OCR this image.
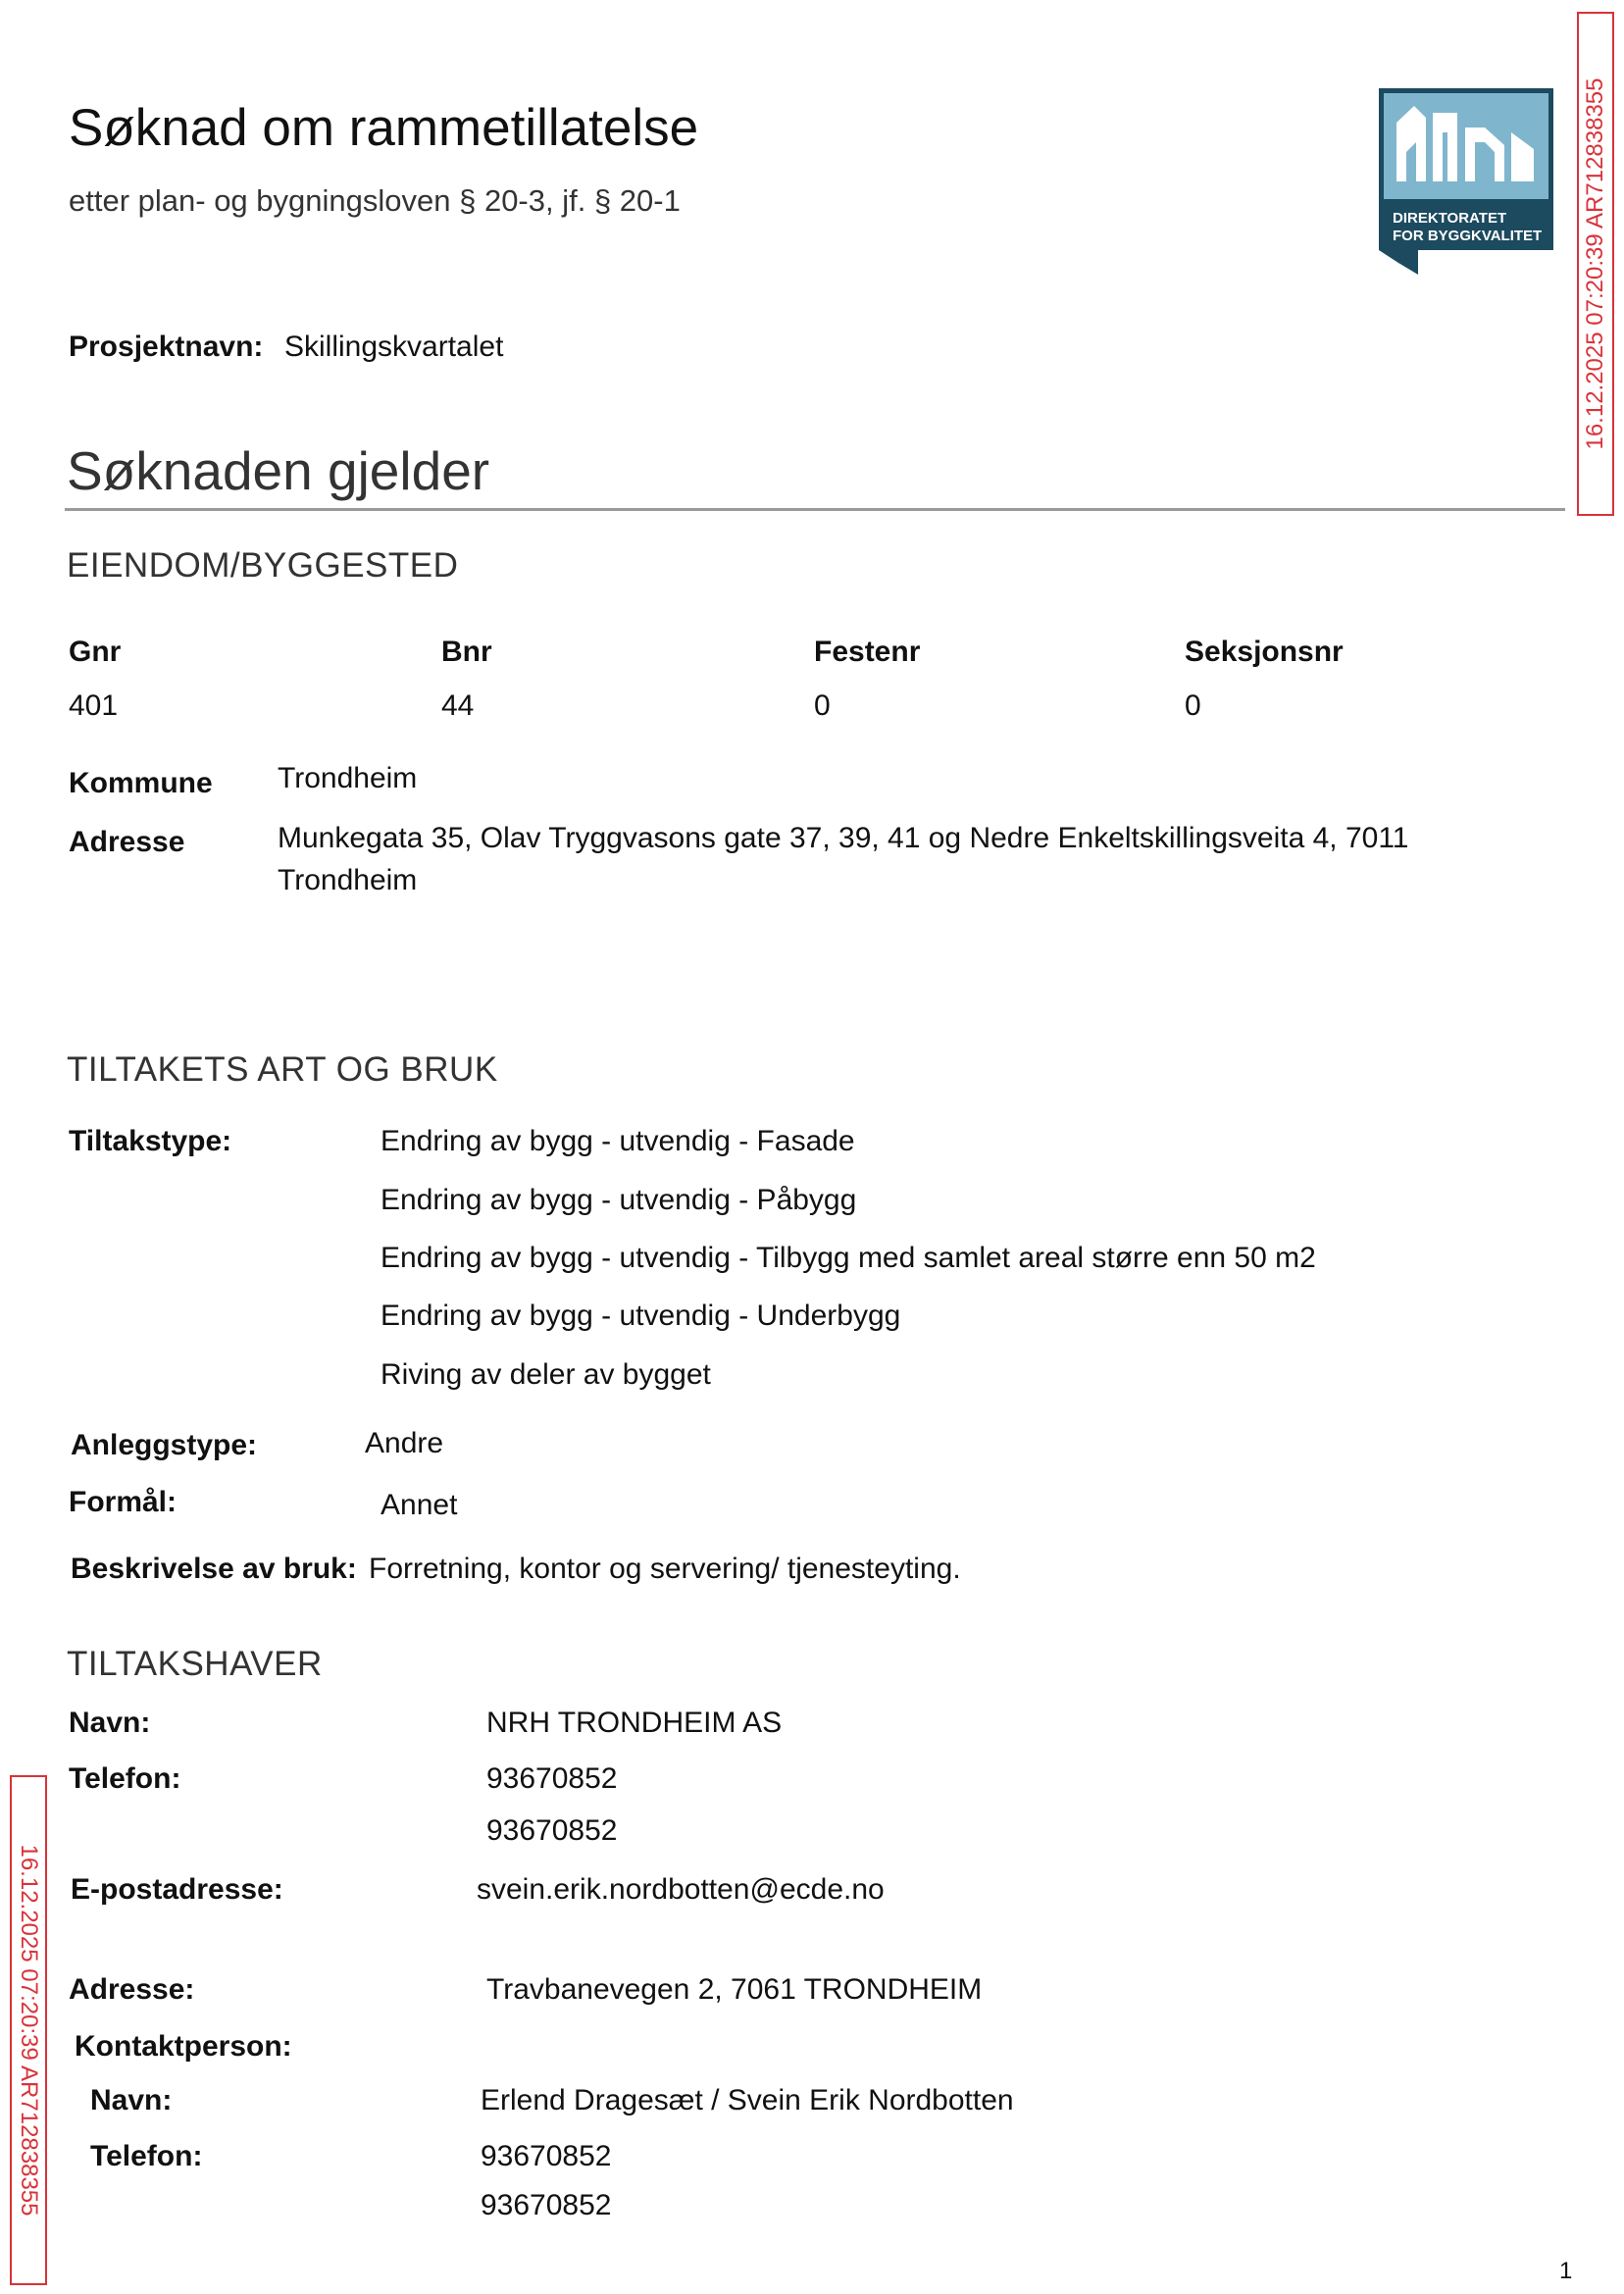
Søknad om rammetillatelse
etter plan- og bygningsloven § 20-3, jf. § 20-1
DIREKTORATET
FOR BYGGKVALITET 16.12.2025 07:20:39 AR712838355
16.12.2025 07:20:39 AR712838355
Prosjektnavn: Skillingskvartalet
Søknaden gjelder
EIENDOM/BYGGESTED
Gnr	Bnr	Festenr	Seksjonsnr
401	44	0	0
Kommune Trondheim
Adresse	Munkegata 35, Olav Tryggvasons gate 37, 39, 41 og Nedre Enkeltskillingsveita 4, 7011
Trondheim
TILTAKETS ART OG BRUK
Tiltakstype:	Endring av bygg - utvendig - Fasade
Endring av bygg - utvendig - Påbygg
Endring av bygg - utvendig - Tilbygg med samlet areal større enn 50 m2
Endring av bygg - utvendig - Underbygg
Riving av deler av bygget
Anleggstype:	Andre
Formål:	Annet
Beskrivelse av bruk: Forretning, kontor og servering/ tjenesteyting.
TILTAKSHAVER
Navn:	NRH TRONDHEIM AS
Telefon:	93670852
93670852
E-postadresse:	svein.erik.nordbotten@ecde.no
Adresse:	Travbanevegen 2, 7061 TRONDHEIM
Kontaktperson:
Navn:	Erlend Dragesæt / Svein Erik Nordbotten
Telefon:	93670852
93670852
1
